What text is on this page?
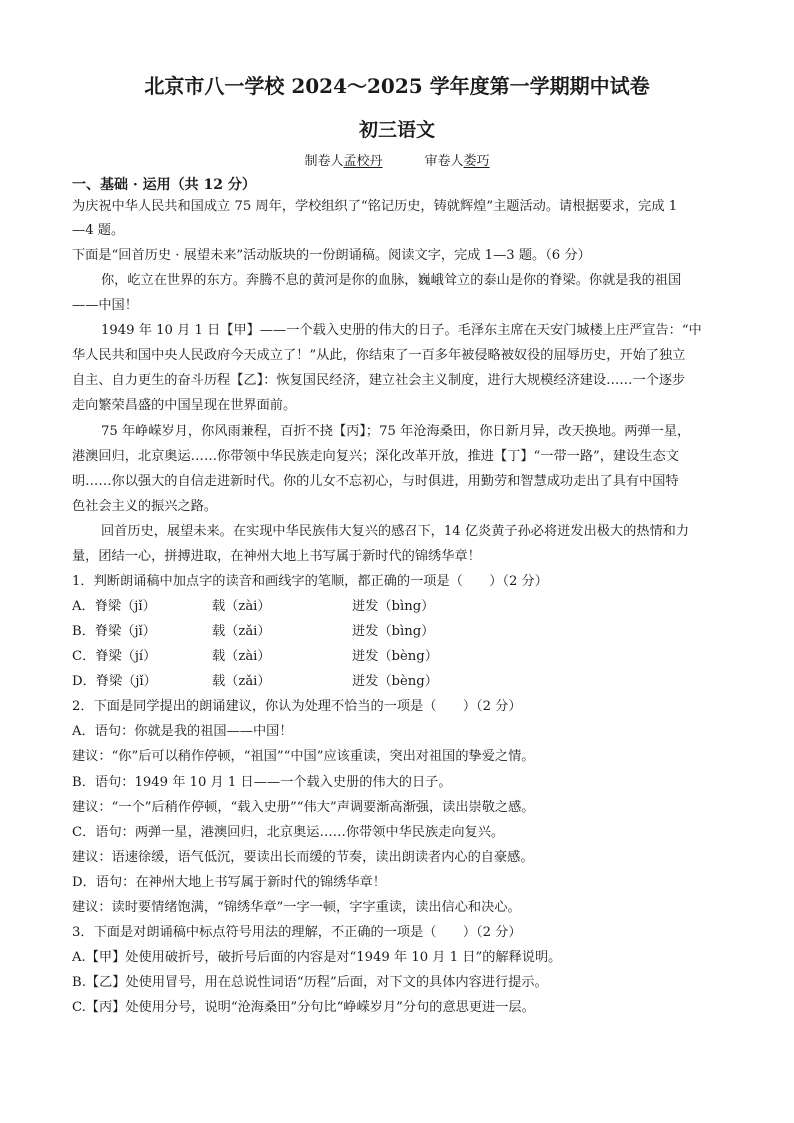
北京市八一学校 2024～2025 学年度第一学期期中试卷
初三语文
制卷人孟校丹	审卷人娄巧
一、基础 · 运用（共 12 分）
为庆祝中华人民共和国成立 75 周年，学校组织了“铭记历史，铸就辉煌”主题活动。请根据要求，完成 1
—4 题。
下面是“回首历史 · 展望未来”活动版块的一份朗诵稿。阅读文字，完成 1—3 题。（6 分）
你，屹立在世界的东方。奔腾不息的黄河是你的血脉，巍峨耸立的泰山是你的脊梁。你就是我的祖国
——中国！
1949 年 10 月 1 日【甲】——一个载入史册的伟大的日子。毛泽东主席在天安门城楼上庄严宣告：“中
华人民共和国中央人民政府今天成立了！”从此，你结束了一百多年被侵略被奴役的屈辱历史，开始了独立
自主、自力更生的奋斗历程【乙】：恢复国民经济，建立社会主义制度，进行大规模经济建设……一个逐步
走向繁荣昌盛的中国呈现在世界面前。
75 年峥嵘岁月，你风雨兼程，百折不挠【丙】；75 年沧海桑田，你日新月异，改天换地。两弹一星，
港澳回归，北京奥运……你带领中华民族走向复兴；深化改革开放，推进【丁】“一带一路”，建设生态文
明……你以强大的自信走进新时代。你的儿女不忘初心，与时俱进，用勤劳和智慧成功走出了具有中国特
色社会主义的振兴之路。
回首历史，展望未来。在实现中华民族伟大复兴的感召下，14 亿炎黄子孙必将迸发出极大的热情和力
量，团结一心，拼搏进取，在神州大地上书写属于新时代的锦绣华章！
1．判断朗诵稿中加点字的读音和画线字的笔顺，都正确的一项是（　　）（2 分）
A．脊梁（jǐ）	载（zài）	迸发（bìng）
B．脊梁（jǐ）	载（zǎi）	迸发（bìng）
C．脊梁（jí）	载（zài）	迸发（bèng）
D．脊梁（jǐ）	载（zǎi）	迸发（bèng）
2．下面是同学提出的朗诵建议，你认为处理不恰当的一项是（　　）（2 分）
A．语句：你就是我的祖国——中国！
建议：“你”后可以稍作停顿，“祖国”“中国”应该重读，突出对祖国的挚爱之情。
B．语句：1949 年 10 月 1 日——一个载入史册的伟大的日子。
建议：“一个”后稍作停顿，“载入史册”“伟大”声调要渐高渐强，读出崇敬之感。
C．语句：两弹一星，港澳回归，北京奥运……你带领中华民族走向复兴。
建议：语速徐缓，语气低沉，要读出长而缓的节奏，读出朗读者内心的自豪感。
D．语句：在神州大地上书写属于新时代的锦绣华章！
建议：读时要情绪饱满，“锦绣华章”一字一顿，字字重读，读出信心和决心。
3．下面是对朗诵稿中标点符号用法的理解，不正确的一项是（　　）（2 分）
A.【甲】处使用破折号，破折号后面的内容是对“1949 年 10 月 1 日”的解释说明。
B.【乙】处使用冒号，用在总说性词语“历程”后面，对下文的具体内容进行提示。
C.【丙】处使用分号，说明“沧海桑田”分句比“峥嵘岁月”分句的意思更进一层。
